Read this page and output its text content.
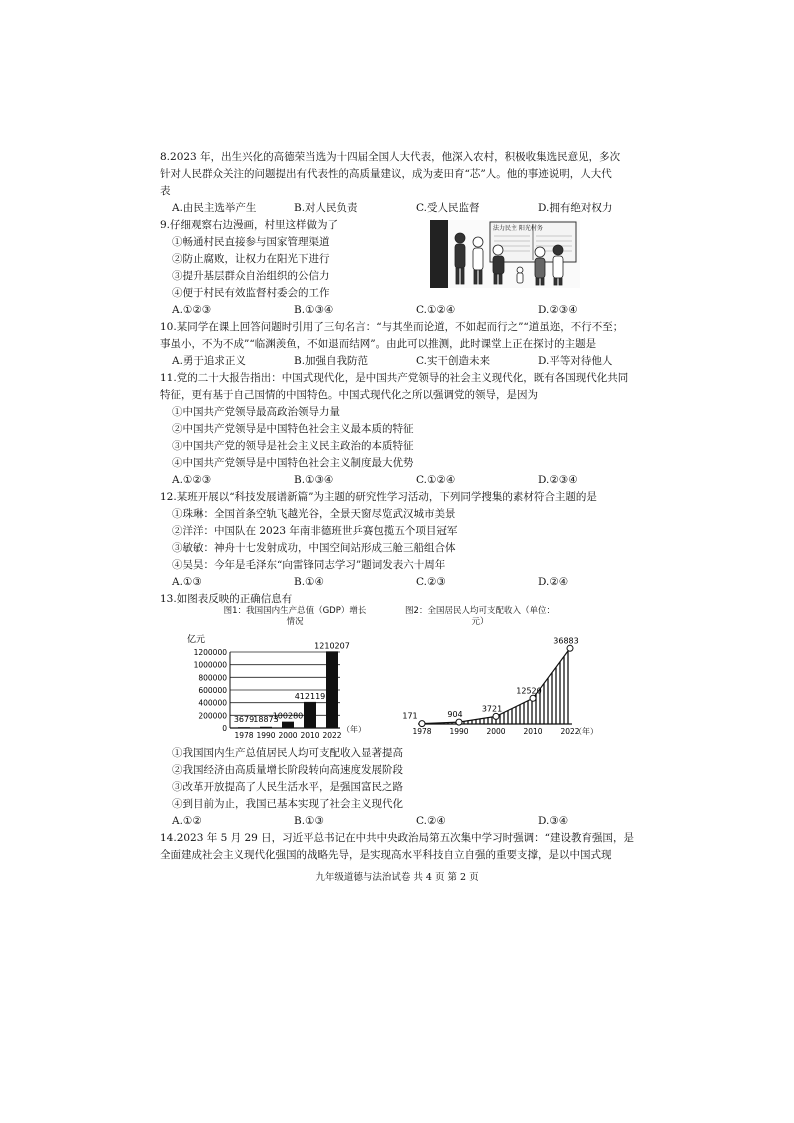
8.2023 年，出生兴化的高德荣当选为十四届全国人大代表，他深入农村，积极收集选民意见，多次
针对人民群众关注的问题提出有代表性的高质量建议，成为麦田育“芯”人。他的事迹说明，人大代
表
A.由民主选举产生	B.对人民负责	C.受人民监督	D.拥有绝对权力
9.仔细观察右边漫画，村里这样做为了
①畅通村民直接参与国家管理渠道
②防止腐败，让权力在阳光下进行
③提升基层群众自治组织的公信力
④便于村民有效监督村委会的工作
A.①②③	B.①③④	C.①②④	D.②③④
法力民主 阳光村务
10.某同学在课上回答问题时引用了三句名言：“与其坐而论道，不如起而行之”“道虽迩，不行不至；
事虽小，不为不成”“临渊羡鱼，不如退而结网”。由此可以推测，此时课堂上正在探讨的主题是
A.勇于追求正义	B.加强自我防范	C.实干创造未来	D.平等对待他人
11.党的二十大报告指出：中国式现代化，是中国共产党领导的社会主义现代化，既有各国现代化共同
特征，更有基于自己国情的中国特色。中国式现代化之所以强调党的领导，是因为
①中国共产党领导最高政治领导力量
②中国共产党领导是中国特色社会主义最本质的特征
③中国共产党的领导是社会主义民主政治的本质特征
④中国共产党领导是中国特色社会主义制度最大优势
A.①②③	B.①③④	C.①②④	D.②③④
12.某班开展以“科技发展谱新篇”为主题的研究性学习活动，下列同学搜集的素材符合主题的是
①珠琳：全国首条空轨飞越光谷，全景天窗尽览武汉城市美景
②洋洋：中国队在 2023 年南非德班世乒赛包揽五个项目冠军
③敏敏：神舟十七发射成功，中国空间站形成三舱三船组合体
④吴昊：今年是毛泽东“向雷锋同志学习”题词发表六十周年
A.①③	B.①④	C.②③	D.②④
13.如图表反映的正确信息有
图1：我国国内生产总值（GDP）增长情况
图2：全国居民人均可支配收入（单位：元）
亿元
1200000
1000000
800000
600000
400000
200000
0
3679
1978
18873
1990
100280
2000
412119
2010
1210207
2022
（年）
171
1978
904
1990
3721
2000
12520
2010
36883
2022
（年）
①我国国内生产总值居民人均可支配收入显著提高
②我国经济由高质量增长阶段转向高速度发展阶段
③改革开放提高了人民生活水平，是强国富民之路
④到目前为止，我国已基本实现了社会主义现代化
A.①②	B.①③	C.②④	D.③④
14.2023 年 5 月 29 日，习近平总书记在中共中央政治局第五次集中学习时强调：“建设教育强国，是
全面建成社会主义现代化强国的战略先导，是实现高水平科技自立自强的重要支撑，是以中国式现
九年级道德与法治试卷 共 4 页 第 2 页
